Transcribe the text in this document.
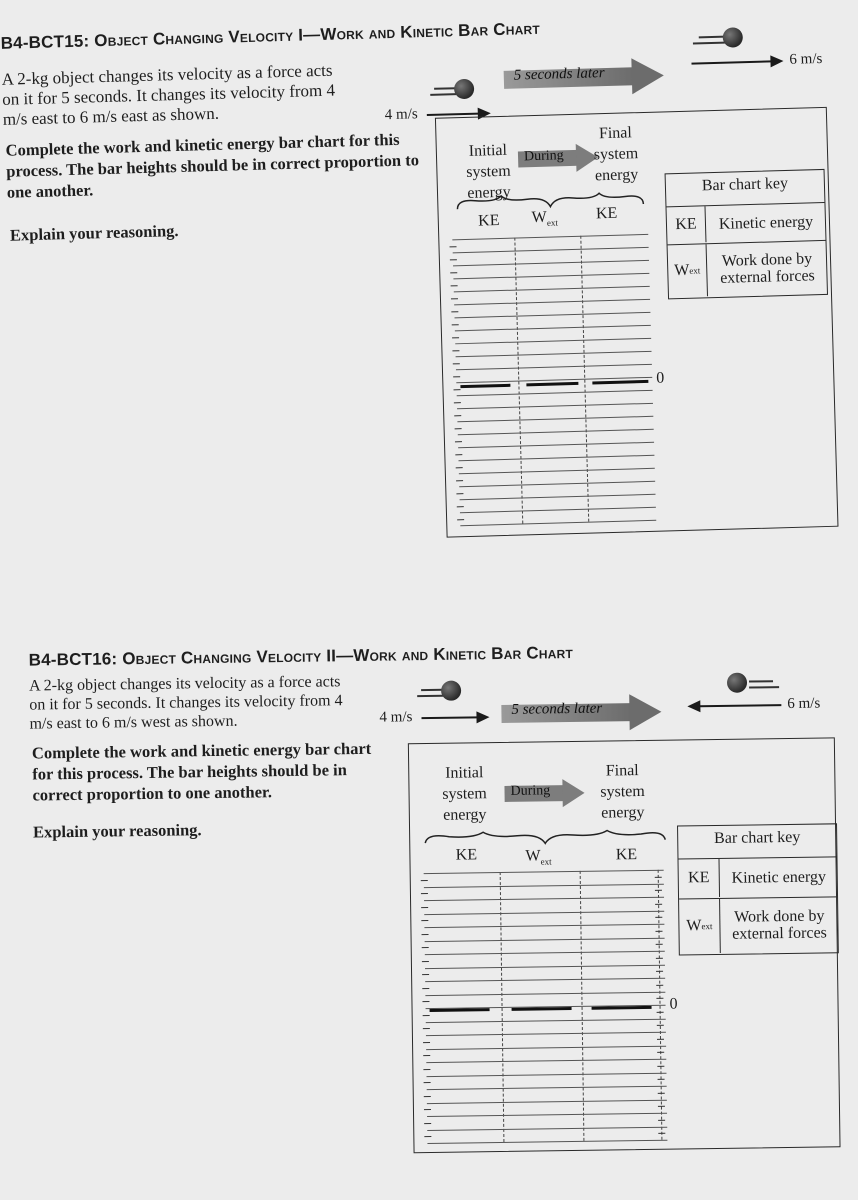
B4-BCT15: Object Changing Velocity I—Work and Kinetic Bar Chart
A 2-kg object changes its velocity as a force acts on it for 5 seconds. It changes its velocity from 4 m/s east to 6 m/s east as shown.
Complete the work and kinetic energy bar chart for this process. The bar heights should be in correct proportion to one another.
Explain your reasoning.
4 m/s
5 seconds later
6 m/s
Initial system energy
During
Final system energy
KE	$W_{ext}$
KE
0
Bar chart key
KE	Kinetic energy
W ext
Work done by external forces
B4-BCT16: Object Changing Velocity II—Work and Kinetic Bar Chart
A 2-kg object changes its velocity as a force acts on it for 5 seconds. It changes its velocity from 4 m/s east to 6 m/s west as shown.
Complete the work and kinetic energy bar chart for this process. The bar heights should be in correct proportion to one another.
Explain your reasoning.
4 m/s	5 seconds later	6 m/s
Initial system energy
During
Final system energy
KE	$W_{ext}$	KE
0
Bar chart key
KE	Kinetic energy
W ext
Work done by external forces
